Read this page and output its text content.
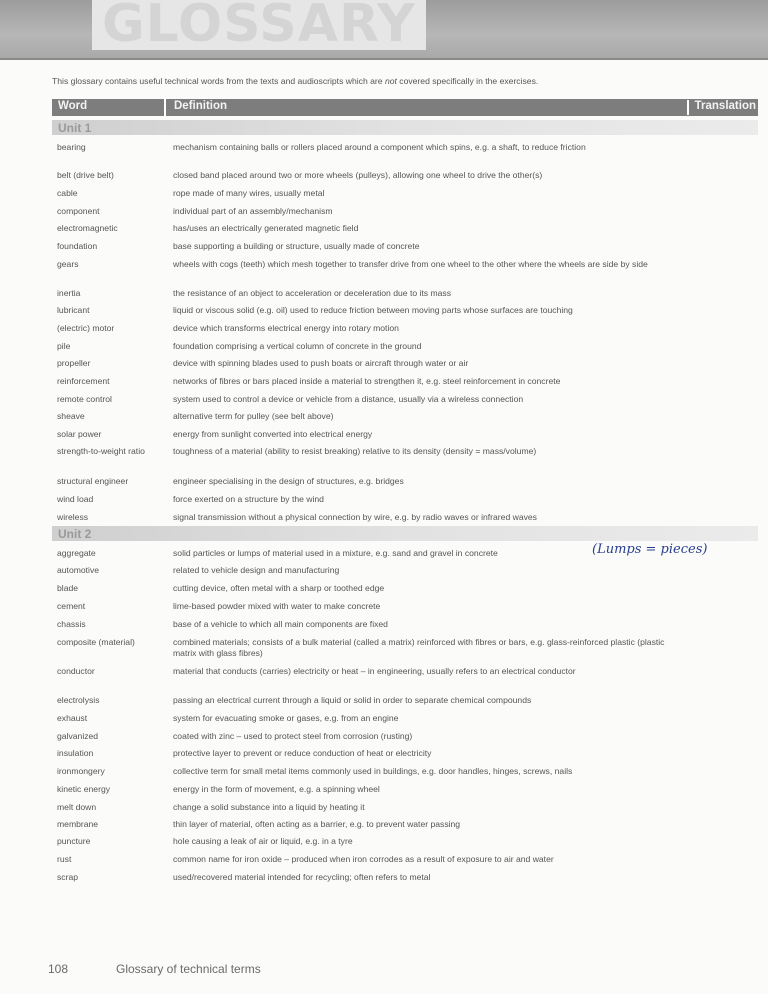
GLOSSARY
This glossary contains useful technical words from the texts and audioscripts which are not covered specifically in the exercises.
Word	Definition	Translation
Unit 1
bearing	mechanism containing balls or rollers placed around a component which spins, e.g. a shaft, to reduce friction
belt (drive belt)	closed band placed around two or more wheels (pulleys), allowing one wheel to drive the other(s)
cable	rope made of many wires, usually metal
component	individual part of an assembly/mechanism
electromagnetic	has/uses an electrically generated magnetic field
foundation	base supporting a building or structure, usually made of concrete
gears	wheels with cogs (teeth) which mesh together to transfer drive from one wheel to the other where the wheels are side by side
inertia	the resistance of an object to acceleration or deceleration due to its mass
lubricant	liquid or viscous solid (e.g. oil) used to reduce friction between moving parts whose surfaces are touching
(electric) motor	device which transforms electrical energy into rotary motion
pile	foundation comprising a vertical column of concrete in the ground
propeller	device with spinning blades used to push boats or aircraft through water or air
reinforcement	networks of fibres or bars placed inside a material to strengthen it, e.g. steel reinforcement in concrete
remote control	system used to control a device or vehicle from a distance, usually via a wireless connection
sheave	alternative term for pulley (see belt above)
solar power	energy from sunlight converted into electrical energy
strength-to-weight ratio	toughness of a material (ability to resist breaking) relative to its density (density = mass/volume)
structural engineer	engineer specialising in the design of structures, e.g. bridges
wind load	force exerted on a structure by the wind
wireless	signal transmission without a physical connection by wire, e.g. by radio waves or infrared waves
Unit 2
aggregate	solid particles or lumps of material used in a mixture, e.g. sand and gravel in concrete
automotive	related to vehicle design and manufacturing
blade	cutting device, often metal with a sharp or toothed edge
cement	lime-based powder mixed with water to make concrete
chassis	base of a vehicle to which all main components are fixed
composite (material)	combined materials; consists of a bulk material (called a matrix) reinforced with fibres or bars, e.g. glass-reinforced plastic (plastic matrix with glass fibres)
conductor	material that conducts (carries) electricity or heat – in engineering, usually refers to an electrical conductor
electrolysis	passing an electrical current through a liquid or solid in order to separate chemical compounds
exhaust	system for evacuating smoke or gases, e.g. from an engine
galvanized	coated with zinc – used to protect steel from corrosion (rusting)
insulation	protective layer to prevent or reduce conduction of heat or electricity
ironmongery	collective term for small metal items commonly used in buildings, e.g. door handles, hinges, screws, nails
kinetic energy	energy in the form of movement, e.g. a spinning wheel
melt down	change a solid substance into a liquid by heating it
membrane	thin layer of material, often acting as a barrier, e.g. to prevent water passing
puncture	hole causing a leak of air or liquid, e.g. in a tyre
rust	common name for iron oxide – produced when iron corrodes as a result of exposure to air and water
scrap	used/recovered material intended for recycling; often refers to metal
(Lumps = pieces)
108	Glossary of technical terms
